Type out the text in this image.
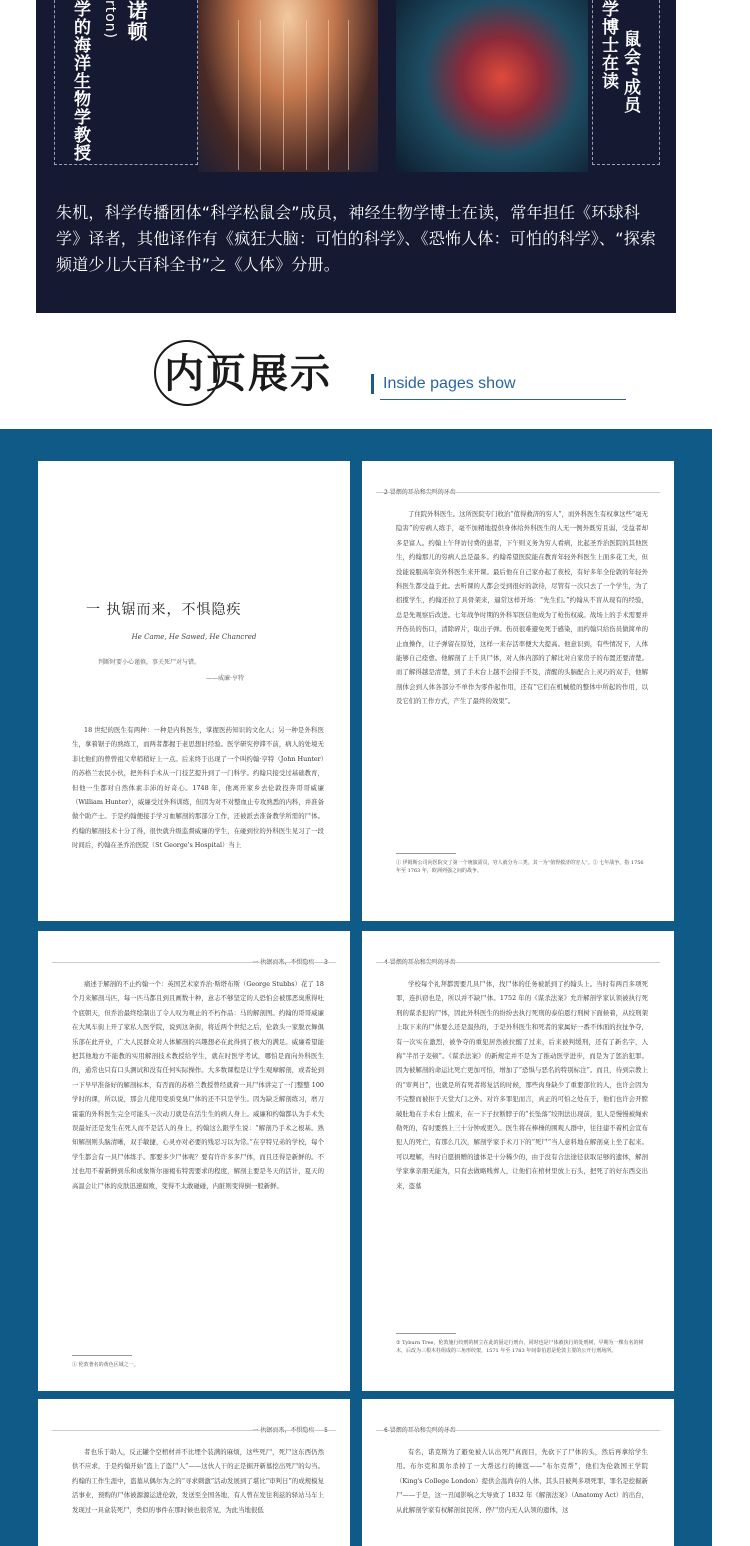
学的海洋生物学教授 rton) 诺顿
鼠会”成员
学博士在读

朱机，科学传播团体“科学松鼠会”成员，神经生物学博士在读，常年担任《环球科学》译者，其他译作有《疯狂大脑：可怕的科学》、《恐怖人体：可怕的科学》、“探索频道少儿大百科全书”之《人体》分册。

内页展示	Inside pages show
一 执锯而来，不惧隐疾
He Came, He Sawed, He Chancred
判断时要小心谨慎，事关死尸对与错。
——威廉·亨特

18 世纪的医生有两种：一种是内科医生，掌握医药知识的文化人；另一种是外科医生，拿着锯子的熟练工，而两者都握于老思想旧经验。医学研究停滞不前，病人的处境无非比他们的曾曾祖父辈稍稍好上一点。后来终于出现了一个叫约翰·亨特（John Hunter）的苏格兰农民小伙，把外科手术从一门技艺提升到了一门科学。约翰只接受过基础教育，但他一生都对自然体素丰沛的好奇心。1748 年，他离开家乡去伦敦投奔哥哥威廉（William Hunter），威廉受过外科训练，但因为对不对整血止专攻熟悉的内科，并准备做个助产士。于是约翰便接手学习血解剖的那部分工作，还被派去准备教学所需的尸体。约翰的解剖技术十分了得，很快就升级监督威廉的学生，在碰到位的外科医生见习了一段时间后，约翰在圣乔治医院（St George's Hospital）当上

了住院外科医生。这所医院专门收治“值得救济的穷人”，而外科医生有权拿这些“毫无隐害”的穷病人练手，毫不加精地提供身体给外科医生的人无一例外既穷且弱，受益者却多是富人。约翰上午拜访付费的患者，下午则义务为穷人看病，比起圣乔治医院的其他医生，约翰那儿的穷病人总是最多。约翰希望医院能在教育年轻外科医生上面多花工夫，但没能说服高年资外科医生来开课。最后他在自己家办起了夜校，有好多年全伦敦的年轻外科医生都受益于此。去听课的人都会受到很好的款待，尽管有一次只去了一个学生，为了招揽学生，约翰还拉了具骨架来，逼常这样开场：“先生们。”约翰从不盲从现有的经验，总是先观察后改进。七年战争时期的外科军医信他成为了枪伤权威。战场上的手术需要并开伤员的伤口，清除碎片，取出子弹。伤员很难避免死于感染，而约翰只给伤员做简单的止血操作，让子弹留在原处，这样一来存活率便大大提高。他意识到，有些情况下，人体能够自己痊愈。他解剖了上千具尸体，对人体内部的了解比对自家房子的布置还要清楚。而了解得越是清楚，到了手术台上越不会措手不及，清醒的头脑配合上灵巧的双手，他解剖体会到人体各部分不单作为零件起作用，还有“它们在机械般的整体中所起的作用，以及它们的工作方式，产生了最终的效果”。

① 伊姆斯公司向医院交了第一个统演需员，穷人就分为三类。其一为“值得救济的穷人”。② 七年战争，指 1756 年至 1763 年，欧洲列强之间的战争。

痛述于解剖的不止约翰一个：英国艺术家乔治·斯塔布斯（George Stubbs）花了 18 个月来解剖马匹，每一匹马都且到且画数十种，意志不够坚定的人恐怕会被那恶臭熏得吐个底朝天，但乔治最终绘制出了令人叹为观止的不朽作品：马的解剖图。约翰的哥哥威廉在大风车街上开了家私人医学院，说到这条街，将近两个世纪之后，伦敦头一家脱衣舞俱乐部在此开业，广大人民群众对人体解剖的兴趣想必在此得到了极大的满足。威廉希望能把其他地方不能教的实用解剖技术教授给学生，就在时医学考试，哪怕是面向外科医生的，通常也只有口头测试和没有任何实际操作。大多数课程是让学生观摩解剖，或者轮到一下早早准备好的解剖标本，有否面的苏格兰教授曾经就着一具尸体讲完了一门整整 100 学时的课，所以说，那会儿使用变质变臭尸体的还不只是学生。因为缺乏解剖练习，磨刀霍霍的外科医生完全可能头一次动刀就是在活生生的病人身上。威廉和约翰都认为手术失误最好还是发生在死人而不是活人的身上，约翰这么跟学生说：“解剖乃手术之根基。熟知解剖则头脑清晰，双手敏捷，心灵亦对必要的残忍习以为常。”在亨特兄弟的学校，每个学生都会有一具尸体练手。那要多少尸体呢？要有许许多多尸体，而且还得是新鲜的。不过也用不着新鲜到乐和或象斯尔丽褐布特需要求的程度，解剖主要是冬天的活计，夏天的高温会让尸体的皮肤迅速腐败，变得不太敢碰碰，内脏则变得倒一般新鲜。

① 伦敦著名的黄色区域之一。

学校每个礼拜都需要几具尸体，找尸体的任务被派到了约翰头上。当时有两百多项死罪，连扒窃也是，所以并不缺尸体。1752 年的《谋杀法案》允许解剖学家认领被执行死刑的谋杀犯的尸体，因此外科医生的纷纷去执行死刑的泰伯恩行刑树下面候着，从绞刑架上取下来的尸体要么还是温热的，于是外科医生和死者的家属好一番不体面的拉扯争夺，有一次实在激烈，被争夺的重犯居然被拉醒了过来，后来被判缓刑，还有了新名字，人称“半吊子麦顿”。《谋杀法案》的新规定并不是为了推动医学进步，而是为了惩治犯罪。因为被解剖的命运比死亡更加可怕，增加了“恐惧与恶名的特别标注”。而且，待到宗教上的“审判日”，也就是所有死者将复活的时候，那些肉身缺少了重要部位的人，也许会因为不完整而被拒于天堂大门之外。对许多罪犯而言，真正的可怕之处在于，他们也许会开膛破肚地在手术台上醒来，在一下子拉断脖子的“长坠落”绞刑法出现前，犯人是慢慢被绳索勒死的，有时要熬上三十分钟或更久。医生将在棒棰的围观人群中，往往建不着机会宣布犯人的死亡，有那么几次，解剖学家手术刀下的“死尸”当人意料地在解剖桌上坐了起来。可以理解，当时自愿捐赠的遗体是十分稀少的，由于没有合法途径获取足够的遗体，解剖学家拿亲朋无能为，只有去做略贱葬人，让他们在棺材里放上石头，把死了的好东西交出来，盗墓

① Tyburn Tree，伦敦施行绞刑的树立在此的固定行刑台，同时也是尸体被执行的处刑树，早期为一棵有名的树木，后改为三根木柱组成的三角形绞架，1571 年至 1783 年间泰伯恩是伦敦主要的公开行刑场所。

者也乐于助人，反正罐个空棺材并不比埋个装满的麻烦，这些死尸，死尸这东西仍然供不应求，于是约翰开始“盗上了盗尸人”——这伙人干的正是掘开新墓挖出死尸的勾当。约翰的工作生涯中，盗墓从偶尔为之的“寻求刺激”活动发展到了堪比“审判日”的成规模复活事业，预购的尸体被源源运进伦敦，发送至全国各地，有人曾在发往利兹的驿站马车上发现过一具盒装死尸，类似的事件在那时候也很常见，为此当地很低

有名，诺克斯为了避免被人认出死尸真面目，先砍下了尸体的头，然后再拿给学生用。布尔克和黑尔杀掉了一大帮远行的摊寇——“布尔克帮”，他们为伦敦国王学院（King's College London）提供会温尚存的人体，其头目被判多项死罪，罪名是挖掘新尸——于是，这一丑闻影响之大导致了 1832 年《解剖法案》（Anatomy Act）的出台，从此解剖学家有权解剖贫民所、停尸房内无人认领的遗体，这
